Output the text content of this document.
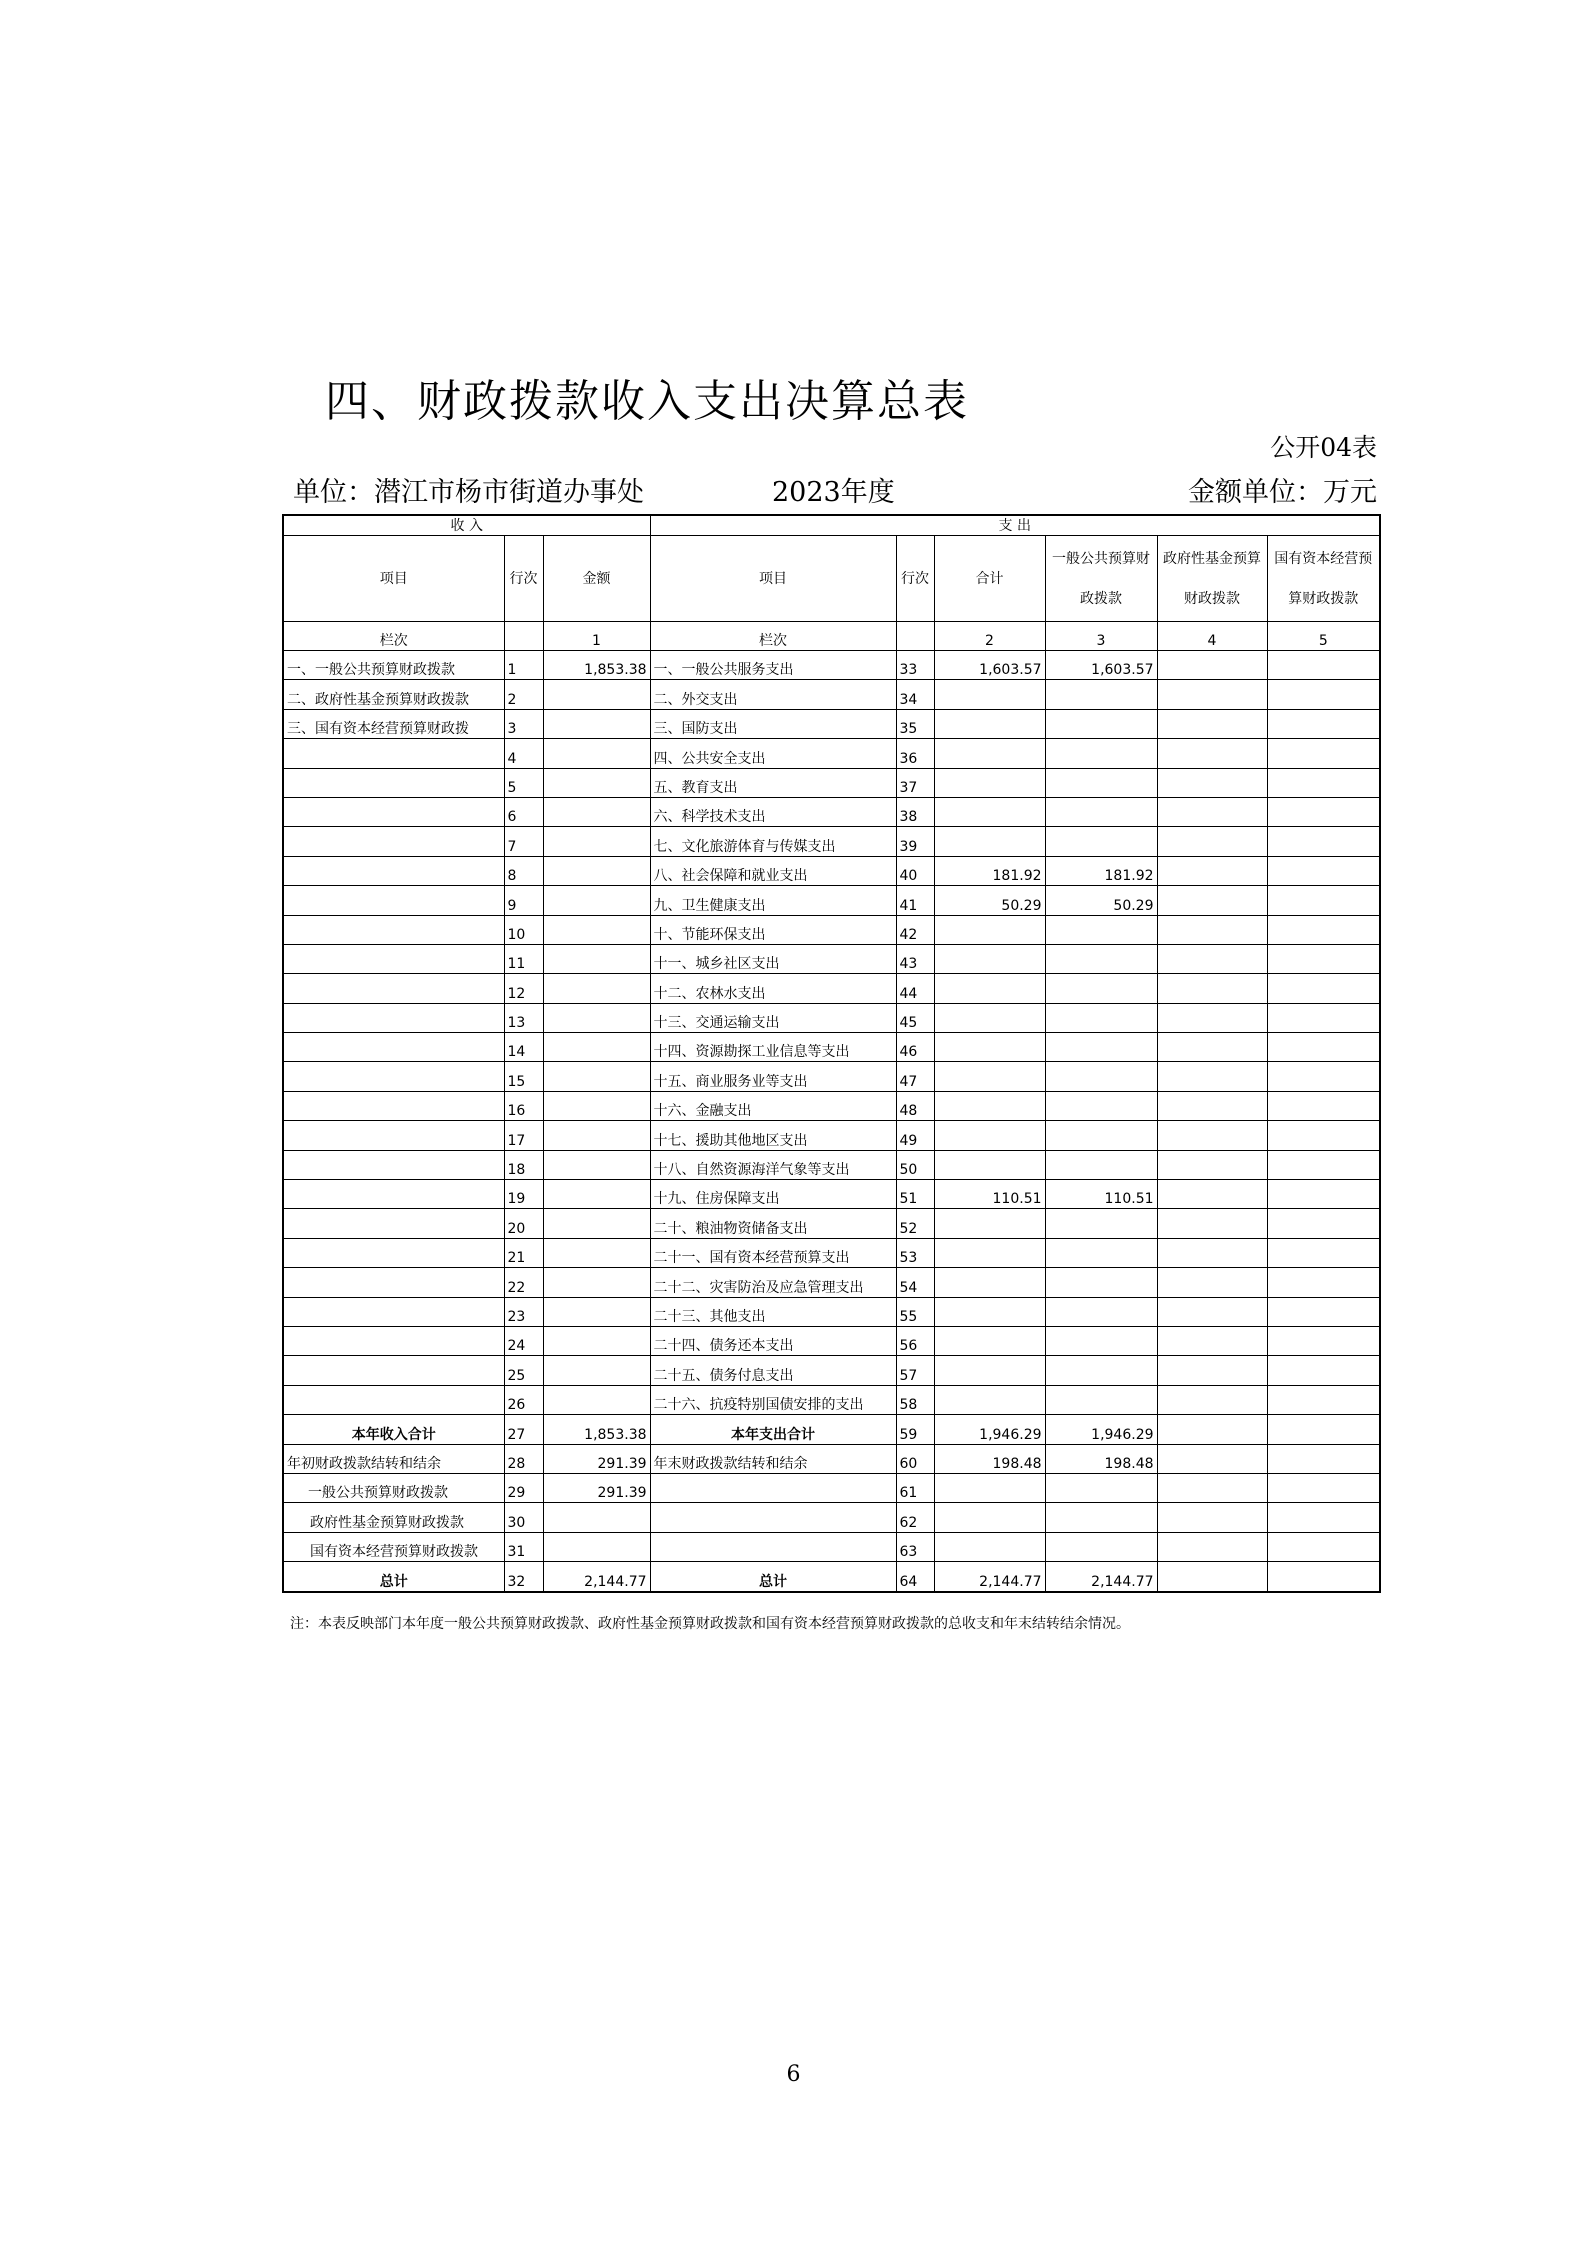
四、财政拨款收入支出决算总表
公开04表
单位：潜江市杨市街道办事处	2023年度	金额单位：万元
收 入			支 出					
项目	行次	金额	项目	行次	合计	一般公共预算财政拨款	政府性基金预算财政拨款	国有资本经营预算财政拨款
栏次		1	栏次		2	3	4	5
一、一般公共预算财政拨款	1	1,853.38	一、一般公共服务支出	33	1,603.57	1,603.57		
二、政府性基金预算财政拨款	2		二、外交支出	34				
三、国有资本经营预算财政拨	3		三、国防支出	35				
	4		四、公共安全支出	36				
	5		五、教育支出	37				
	6		六、科学技术支出	38				
	7		七、文化旅游体育与传媒支出	39				
	8		八、社会保障和就业支出	40	181.92	181.92		
	9		九、卫生健康支出	41	50.29	50.29		
	10		十、节能环保支出	42				
	11		十一、城乡社区支出	43				
	12		十二、农林水支出	44				
	13		十三、交通运输支出	45				
	14		十四、资源勘探工业信息等支出	46				
	15		十五、商业服务业等支出	47				
	16		十六、金融支出	48				
	17		十七、援助其他地区支出	49				
	18		十八、自然资源海洋气象等支出	50				
	19		十九、住房保障支出	51	110.51	110.51		
	20		二十、粮油物资储备支出	52				
	21		二十一、国有资本经营预算支出	53				
	22		二十二、灾害防治及应急管理支出	54				
	23		二十三、其他支出	55				
	24		二十四、债务还本支出	56				
	25		二十五、债务付息支出	57				
	26		二十六、抗疫特别国债安排的支出	58				
本年收入合计	27	1,853.38	本年支出合计	59	1,946.29	1,946.29		
年初财政拨款结转和结余	28	291.39	年末财政拨款结转和结余	60	198.48	198.48		
一般公共预算财政拨款	29	291.39		61				
政府性基金预算财政拨款	30			62				
国有资本经营预算财政拨款	31			63				
总计	32	2,144.77	总计	64	2,144.77	2,144.77		
注：本表反映部门本年度一般公共预算财政拨款、政府性基金预算财政拨款和国有资本经营预算财政拨款的总收支和年末结转结余情况。
6
